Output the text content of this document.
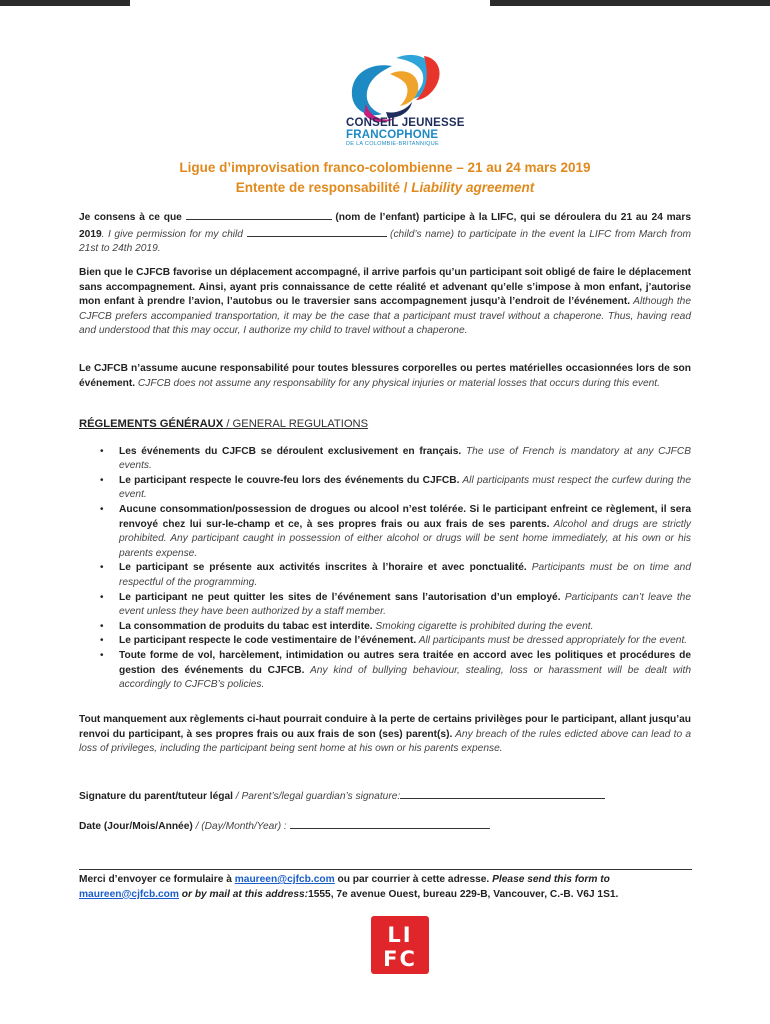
CONSEIL JEUNESSE
FRANCOPHONE
DE LA COLOMBIE-BRITANNIQUE
Ligue d’improvisation franco-colombienne – 21 au 24 mars 2019
Entente de responsabilité / Liability agreement

Je consens à ce que	(nom de l’enfant) participe à la LIFC, qui se déroulera du 21 au 24 mars 2019. I give permission for my child	(child’s name) to participate in the event la LIFC from March from 21st to 24th 2019.

Bien que le CJFCB favorise un déplacement accompagné, il arrive parfois qu’un participant soit obligé de faire le déplacement sans accompagnement. Ainsi, ayant pris connaissance de cette réalité et advenant qu’elle s’impose à mon enfant, j’autorise mon enfant à prendre l’avion, l’autobus ou le traversier sans accompagnement jusqu’à l’endroit de l’événement. Although the CJFCB prefers accompanied transportation, it may be the case that a participant must travel without a chaperone. Thus, having read and understood that this may occur, I authorize my child to travel without a chaperone.

Le CJFCB n’assume aucune responsabilité pour toutes blessures corporelles ou pertes matérielles occasionnées lors de son événement. CJFCB does not assume any responsability for any physical injuries or material losses that occurs during this event.

RÉGLEMENTS GÉNÉRAUX / GENERAL REGULATIONS
• Les événements du CJFCB se déroulent exclusivement en français. The use of French is mandatory at any CJFCB events.
• Le participant respecte le couvre-feu lors des événements du CJFCB. All participants must respect the curfew during the event.
• Aucune consommation/possession de drogues ou alcool n’est tolérée. Si le participant enfreint ce règlement, il sera renvoyé chez lui sur-le-champ et ce, à ses propres frais ou aux frais de ses parents. Alcohol and drugs are strictly prohibited. Any participant caught in possession of either alcohol or drugs will be sent home immediately, at his own or his parents expense.
• Le participant se présente aux activités inscrites à l’horaire et avec ponctualité. Participants must be on time and respectful of the programming.
• Le participant ne peut quitter les sites de l’événement sans l’autorisation d’un employé. Participants can’t leave the event unless they have been authorized by a staff member.
• La consommation de produits du tabac est interdite. Smoking cigarette is prohibited during the event.
• Le participant respecte le code vestimentaire de l’événement. All participants must be dressed appropriately for the event.
• Toute forme de vol, harcèlement, intimidation ou autres sera traitée en accord avec les politiques et procédures de gestion des événements du CJFCB. Any kind of bullying behaviour, stealing, loss or harassment will be dealt with accordingly to CJFCB’s policies.

Tout manquement aux règlements ci-haut pourrait conduire à la perte de certains privilèges pour le participant, allant jusqu’au renvoi du participant, à ses propres frais ou aux frais de son (ses) parent(s). Any breach of the rules edicted above can lead to a loss of privileges, including the participant being sent home at his own or his parents expense.

Signature du parent/tuteur légal / Parent’s/legal guardian’s signature:
Date (Jour/Mois/Année) / (Day/Month/Year) :

Merci d’envoyer ce formulaire à maureen@cjfcb.com ou par courrier à cette adresse. Please send this form to maureen@cjfcb.com or by mail at this address:1555, 7e avenue Ouest, bureau 229-B, Vancouver, C.-B. V6J 1S1.

LI
FC
